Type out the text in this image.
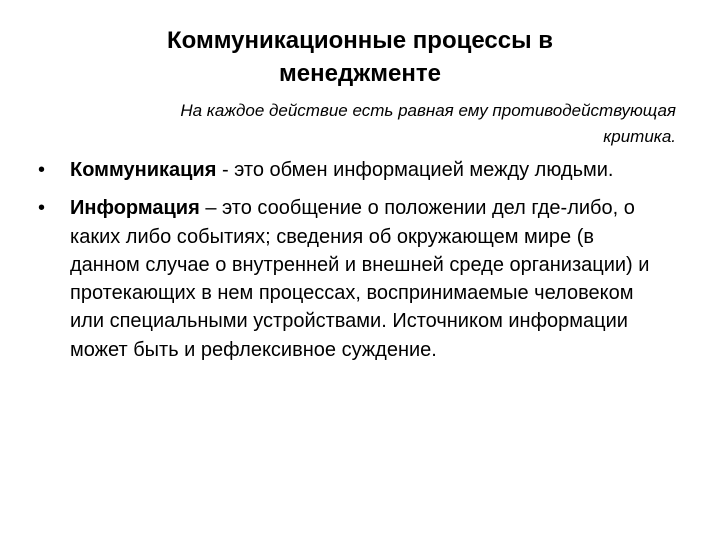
Коммуникационные процессы в
менеджменте
На каждое действие есть равная ему противодействующая
критика.
•	Коммуникация - это обмен информацией между людьми.
•	Информация – это сообщение о положении дел где-либо, о каких либо событиях; сведения об окружающем мире (в данном случае о внутренней и внешней среде организации) и протекающих в нем процессах, воспринимаемые человеком или специальными устройствами. Источником информации может быть и рефлексивное суждение.
